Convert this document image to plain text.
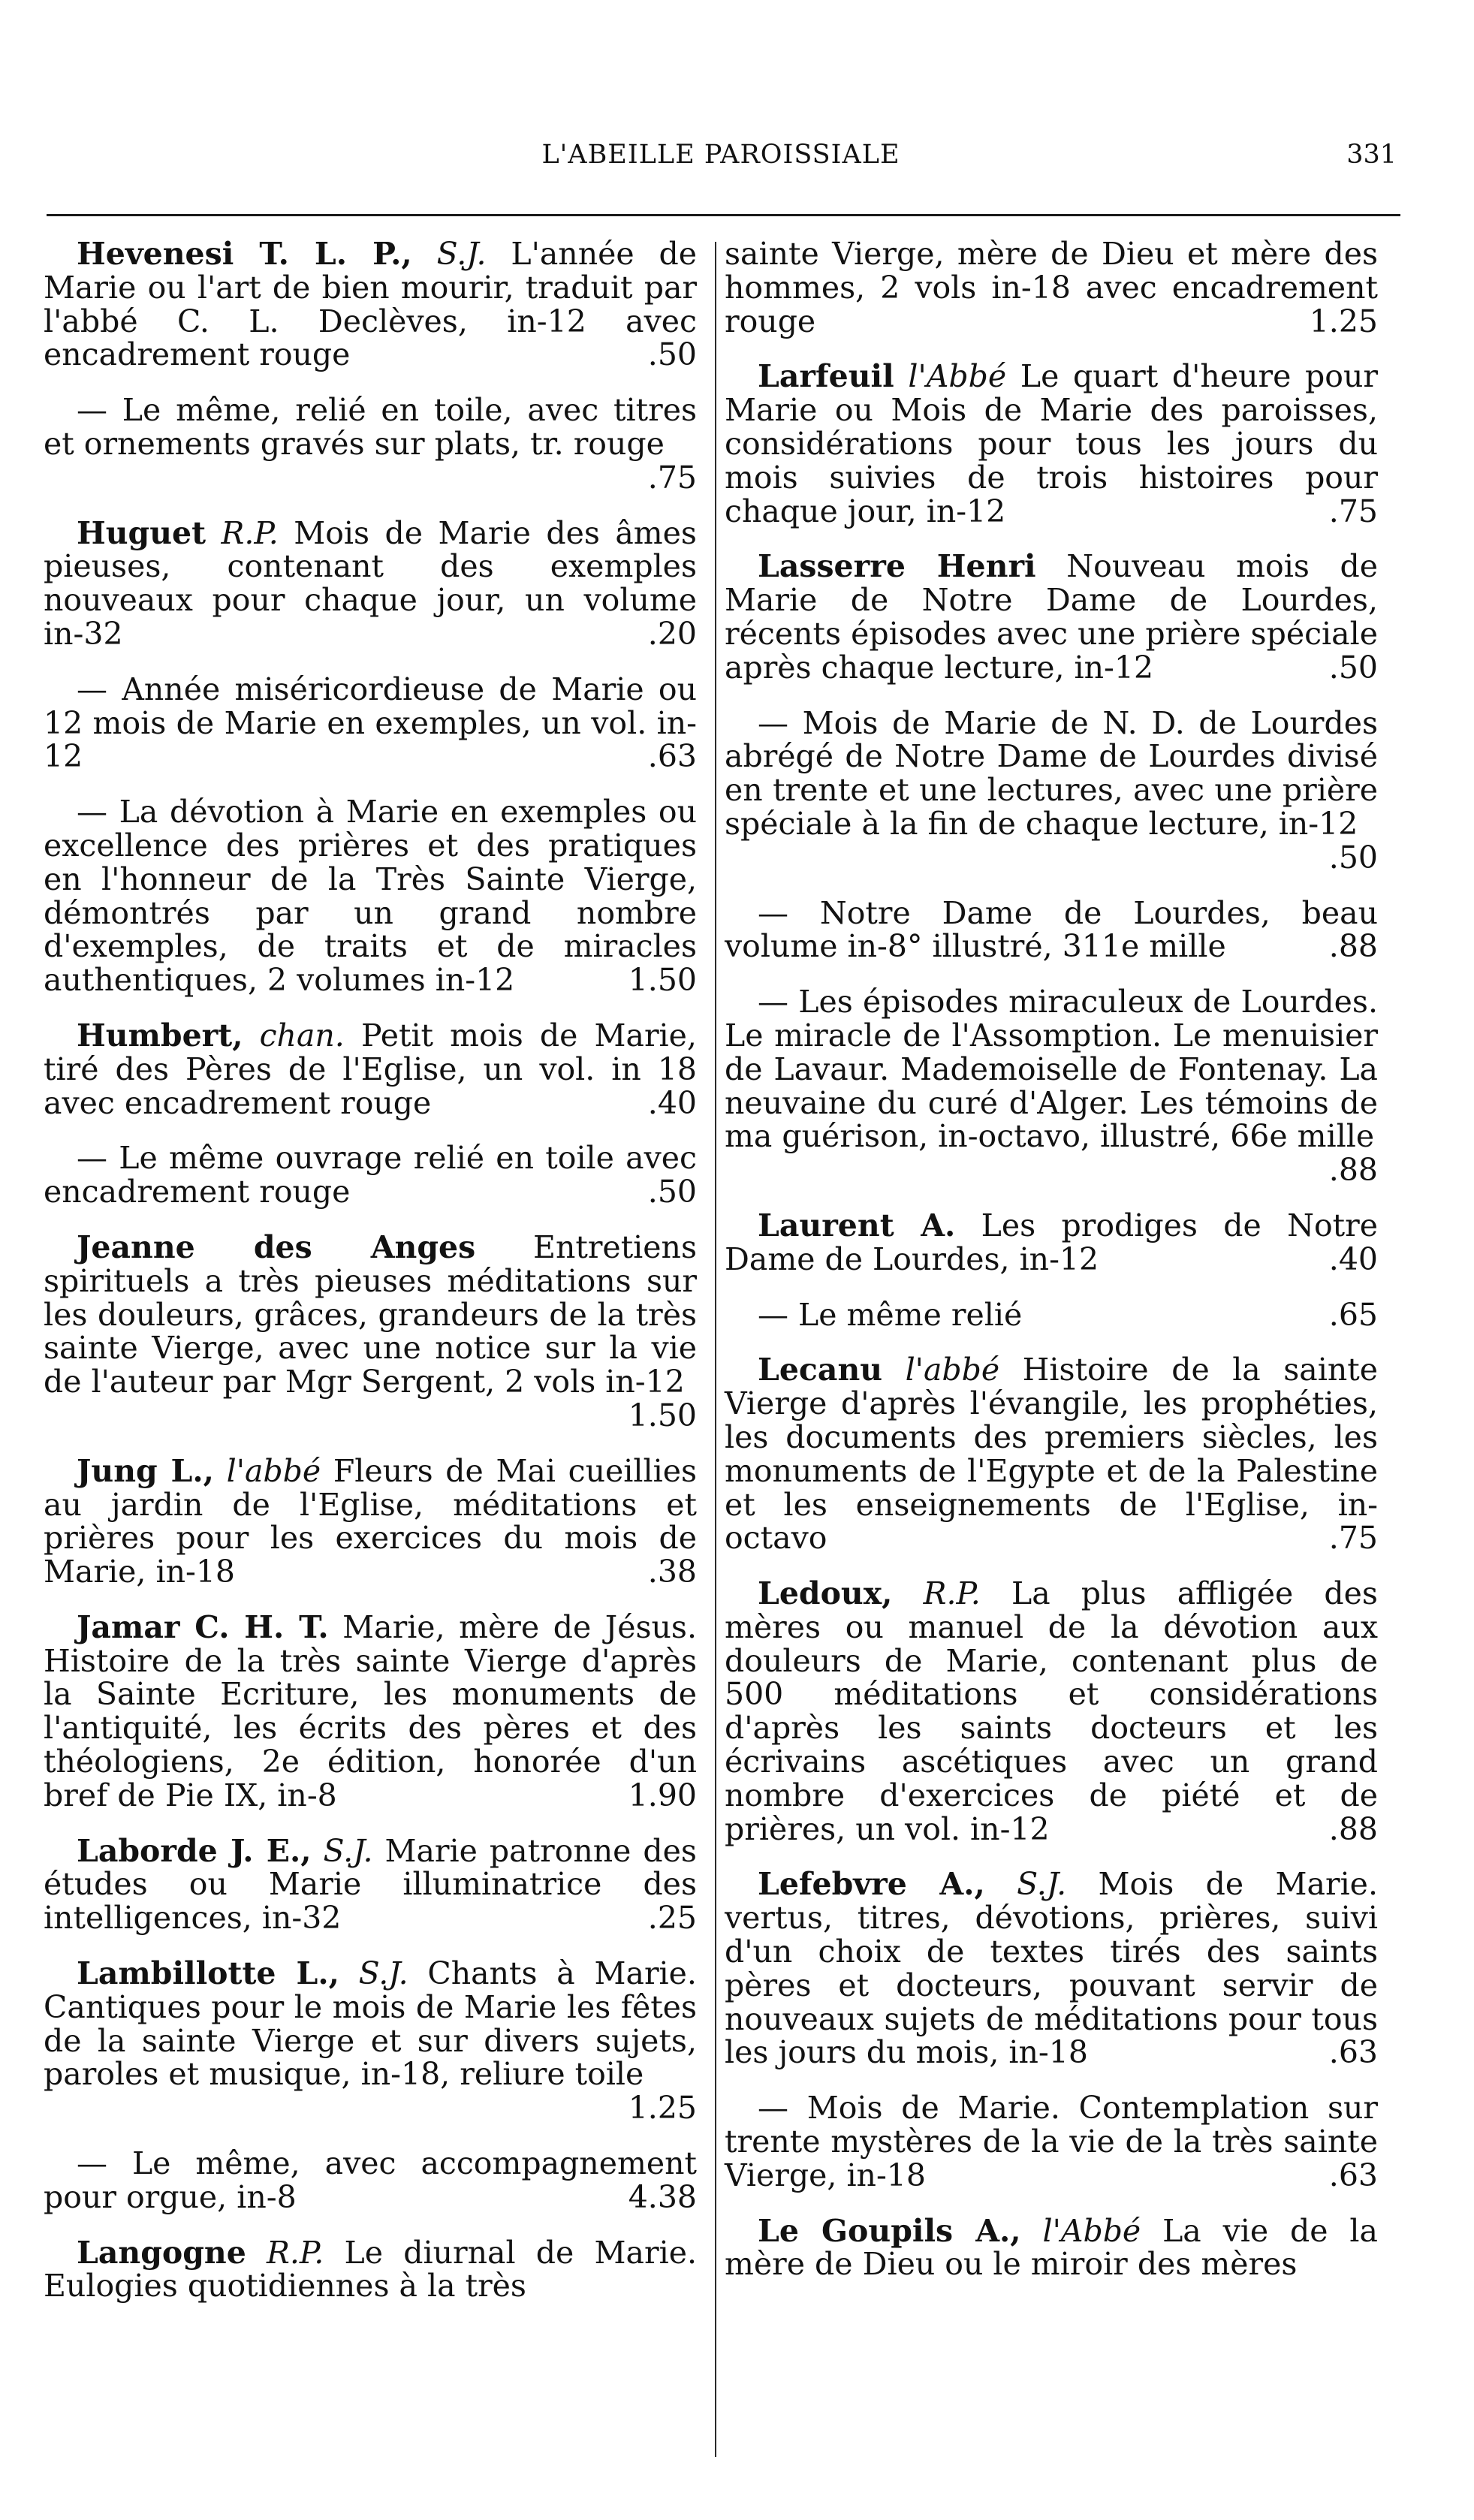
L'ABEILLE PAROISSIALE	331

Hevenesi T. L. P., S.J. L'année de Marie ou l'art de bien mourir, traduit par l'abbé C. L. Declèves, in-12 avec encadrement rouge	.50

— Le même, relié en toile, avec titres et ornements gravés sur plats, tr. rouge
.75

Huguet R.P. Mois de Marie des âmes pieuses, contenant des exemples nouveaux pour chaque jour, un volume in-32	.20

— Année miséricordieuse de Marie ou 12 mois de Marie en exemples, un vol. in-12	.63

— La dévotion à Marie en exemples ou excellence des prières et des pratiques en l'honneur de la Très Sainte Vierge, démontrés par un grand nombre d'exemples, de traits et de miracles authentiques, 2 volumes in-12	1.50

Humbert, chan. Petit mois de Marie, tiré des Pères de l'Eglise, un vol. in 18 avec encadrement rouge	.40

— Le même ouvrage relié en toile avec encadrement rouge	.50

Jeanne des Anges Entretiens spirituels a très pieuses méditations sur les douleurs, grâces, grandeurs de la très sainte Vierge, avec une notice sur la vie de l'auteur par Mgr Sergent, 2 vols in-12
1.50

Jung L., l'abbé Fleurs de Mai cueillies au jardin de l'Eglise, méditations et prières pour les exercices du mois de Marie, in-18	.38

Jamar C. H. T. Marie, mère de Jésus. Histoire de la très sainte Vierge d'après la Sainte Ecriture, les monuments de l'antiquité, les écrits des pères et des théologiens, 2e édition, honorée d'un bref de Pie IX, in-8	1.90

Laborde J. E., S.J. Marie patronne des études ou Marie illuminatrice des intelligences, in-32	.25

Lambillotte L., S.J. Chants à Marie. Cantiques pour le mois de Marie les fêtes de la sainte Vierge et sur divers sujets, paroles et musique, in-18, reliure toile
1.25

— Le même, avec accompagnement pour orgue, in-8	4.38

Langogne R.P. Le diurnal de Marie. Eulogies quotidiennes à la très

sainte Vierge, mère de Dieu et mère des hommes, 2 vols in-18 avec encadrement rouge	1.25

Larfeuil l'Abbé Le quart d'heure pour Marie ou Mois de Marie des paroisses, considérations pour tous les jours du mois suivies de trois histoires pour chaque jour, in-12	.75

Lasserre Henri Nouveau mois de Marie de Notre Dame de Lourdes, récents épisodes avec une prière spéciale après chaque lecture, in-12	.50

— Mois de Marie de N. D. de Lourdes abrégé de Notre Dame de Lourdes divisé en trente et une lectures, avec une prière spéciale à la fin de chaque lecture, in-12
.50

— Notre Dame de Lourdes, beau volume in-8° illustré, 311e mille	.88

— Les épisodes miraculeux de Lourdes. Le miracle de l'Assomption. Le menuisier de Lavaur. Mademoiselle de Fontenay. La neuvaine du curé d'Alger. Les témoins de ma guérison, in-octavo, illustré, 66e mille
.88

Laurent A. Les prodiges de Notre Dame de Lourdes, in-12	.40

— Le même relié	.65

Lecanu l'abbé Histoire de la sainte Vierge d'après l'évangile, les prophéties, les documents des premiers siècles, les monuments de l'Egypte et de la Palestine et les enseignements de l'Eglise, in-octavo	.75

Ledoux, R.P. La plus affligée des mères ou manuel de la dévotion aux douleurs de Marie, contenant plus de 500 méditations et considérations d'après les saints docteurs et les écrivains ascétiques avec un grand nombre d'exercices de piété et de prières, un vol. in-12	.88

Lefebvre A., S.J. Mois de Marie. vertus, titres, dévotions, prières, suivi d'un choix de textes tirés des saints pères et docteurs, pouvant servir de nouveaux sujets de méditations pour tous les jours du mois, in-18	.63

— Mois de Marie. Contemplation sur trente mystères de la vie de la très sainte Vierge, in-18	.63

Le Goupils A., l'Abbé La vie de la mère de Dieu ou le miroir des mères
